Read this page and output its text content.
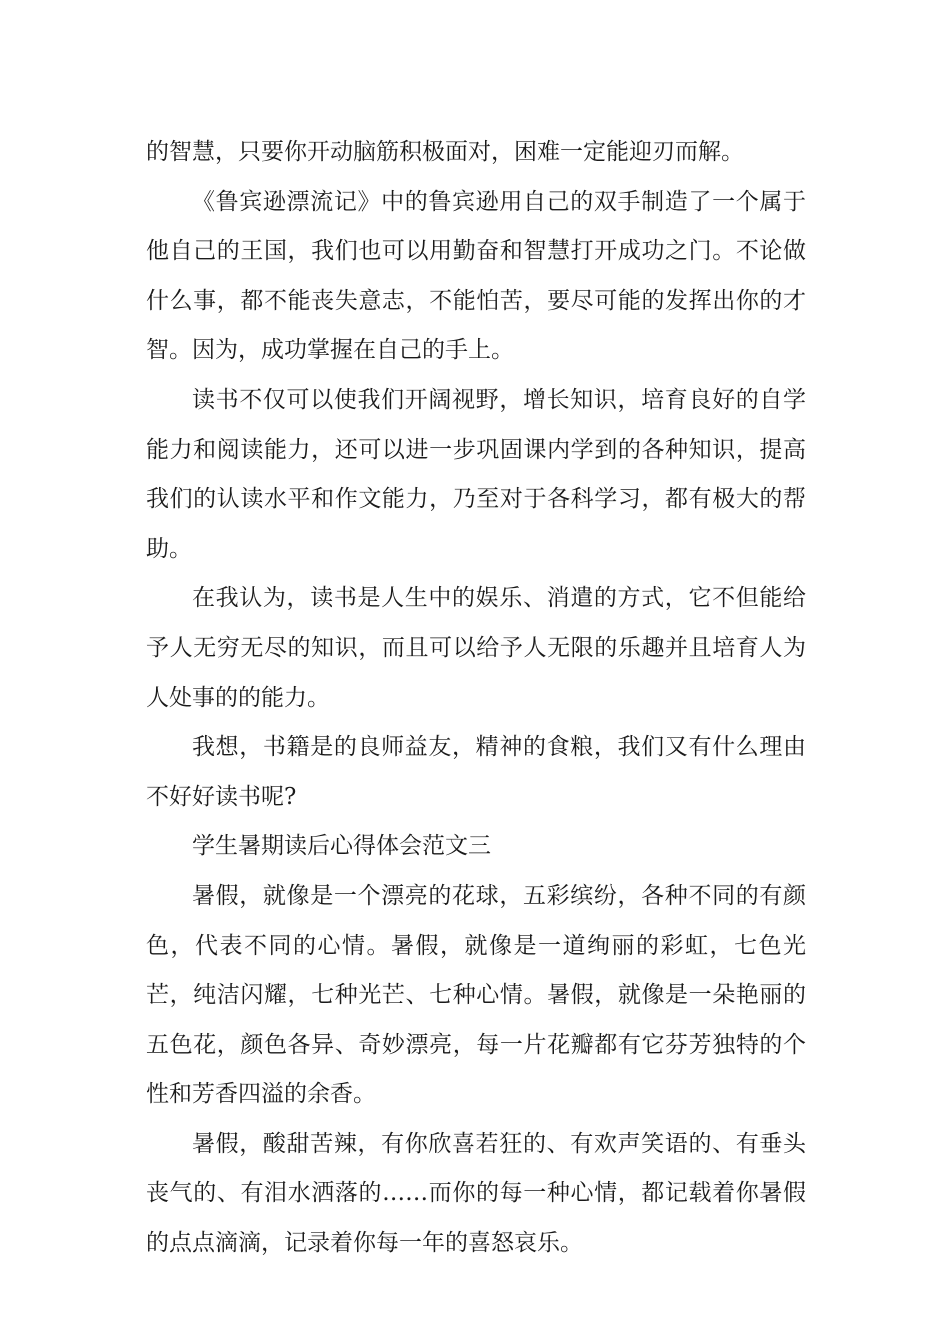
的智慧，只要你开动脑筋积极面对，困难一定能迎刃而解。

《鲁宾逊漂流记》中的鲁宾逊用自己的双手制造了一个属于他自己的王国，我们也可以用勤奋和智慧打开成功之门。不论做什么事，都不能丧失意志，不能怕苦，要尽可能的发挥出你的才智。因为，成功掌握在自己的手上。

读书不仅可以使我们开阔视野，增长知识，培育良好的自学能力和阅读能力，还可以进一步巩固课内学到的各种知识，提高我们的认读水平和作文能力，乃至对于各科学习，都有极大的帮助。

在我认为，读书是人生中的娱乐、消遣的方式，它不但能给予人无穷无尽的知识，而且可以给予人无限的乐趣并且培育人为人处事的的能力。

我想，书籍是的良师益友，精神的食粮，我们又有什么理由不好好读书呢?

学生暑期读后心得体会范文三

暑假，就像是一个漂亮的花球，五彩缤纷，各种不同的有颜色，代表不同的心情。暑假，就像是一道绚丽的彩虹，七色光芒，纯洁闪耀，七种光芒、七种心情。暑假，就像是一朵艳丽的五色花，颜色各异、奇妙漂亮，每一片花瓣都有它芬芳独特的个性和芳香四溢的余香。

暑假，酸甜苦辣，有你欣喜若狂的、有欢声笑语的、有垂头丧气的、有泪水洒落的……而你的每一种心情，都记载着你暑假的点点滴滴，记录着你每一年的喜怒哀乐。
